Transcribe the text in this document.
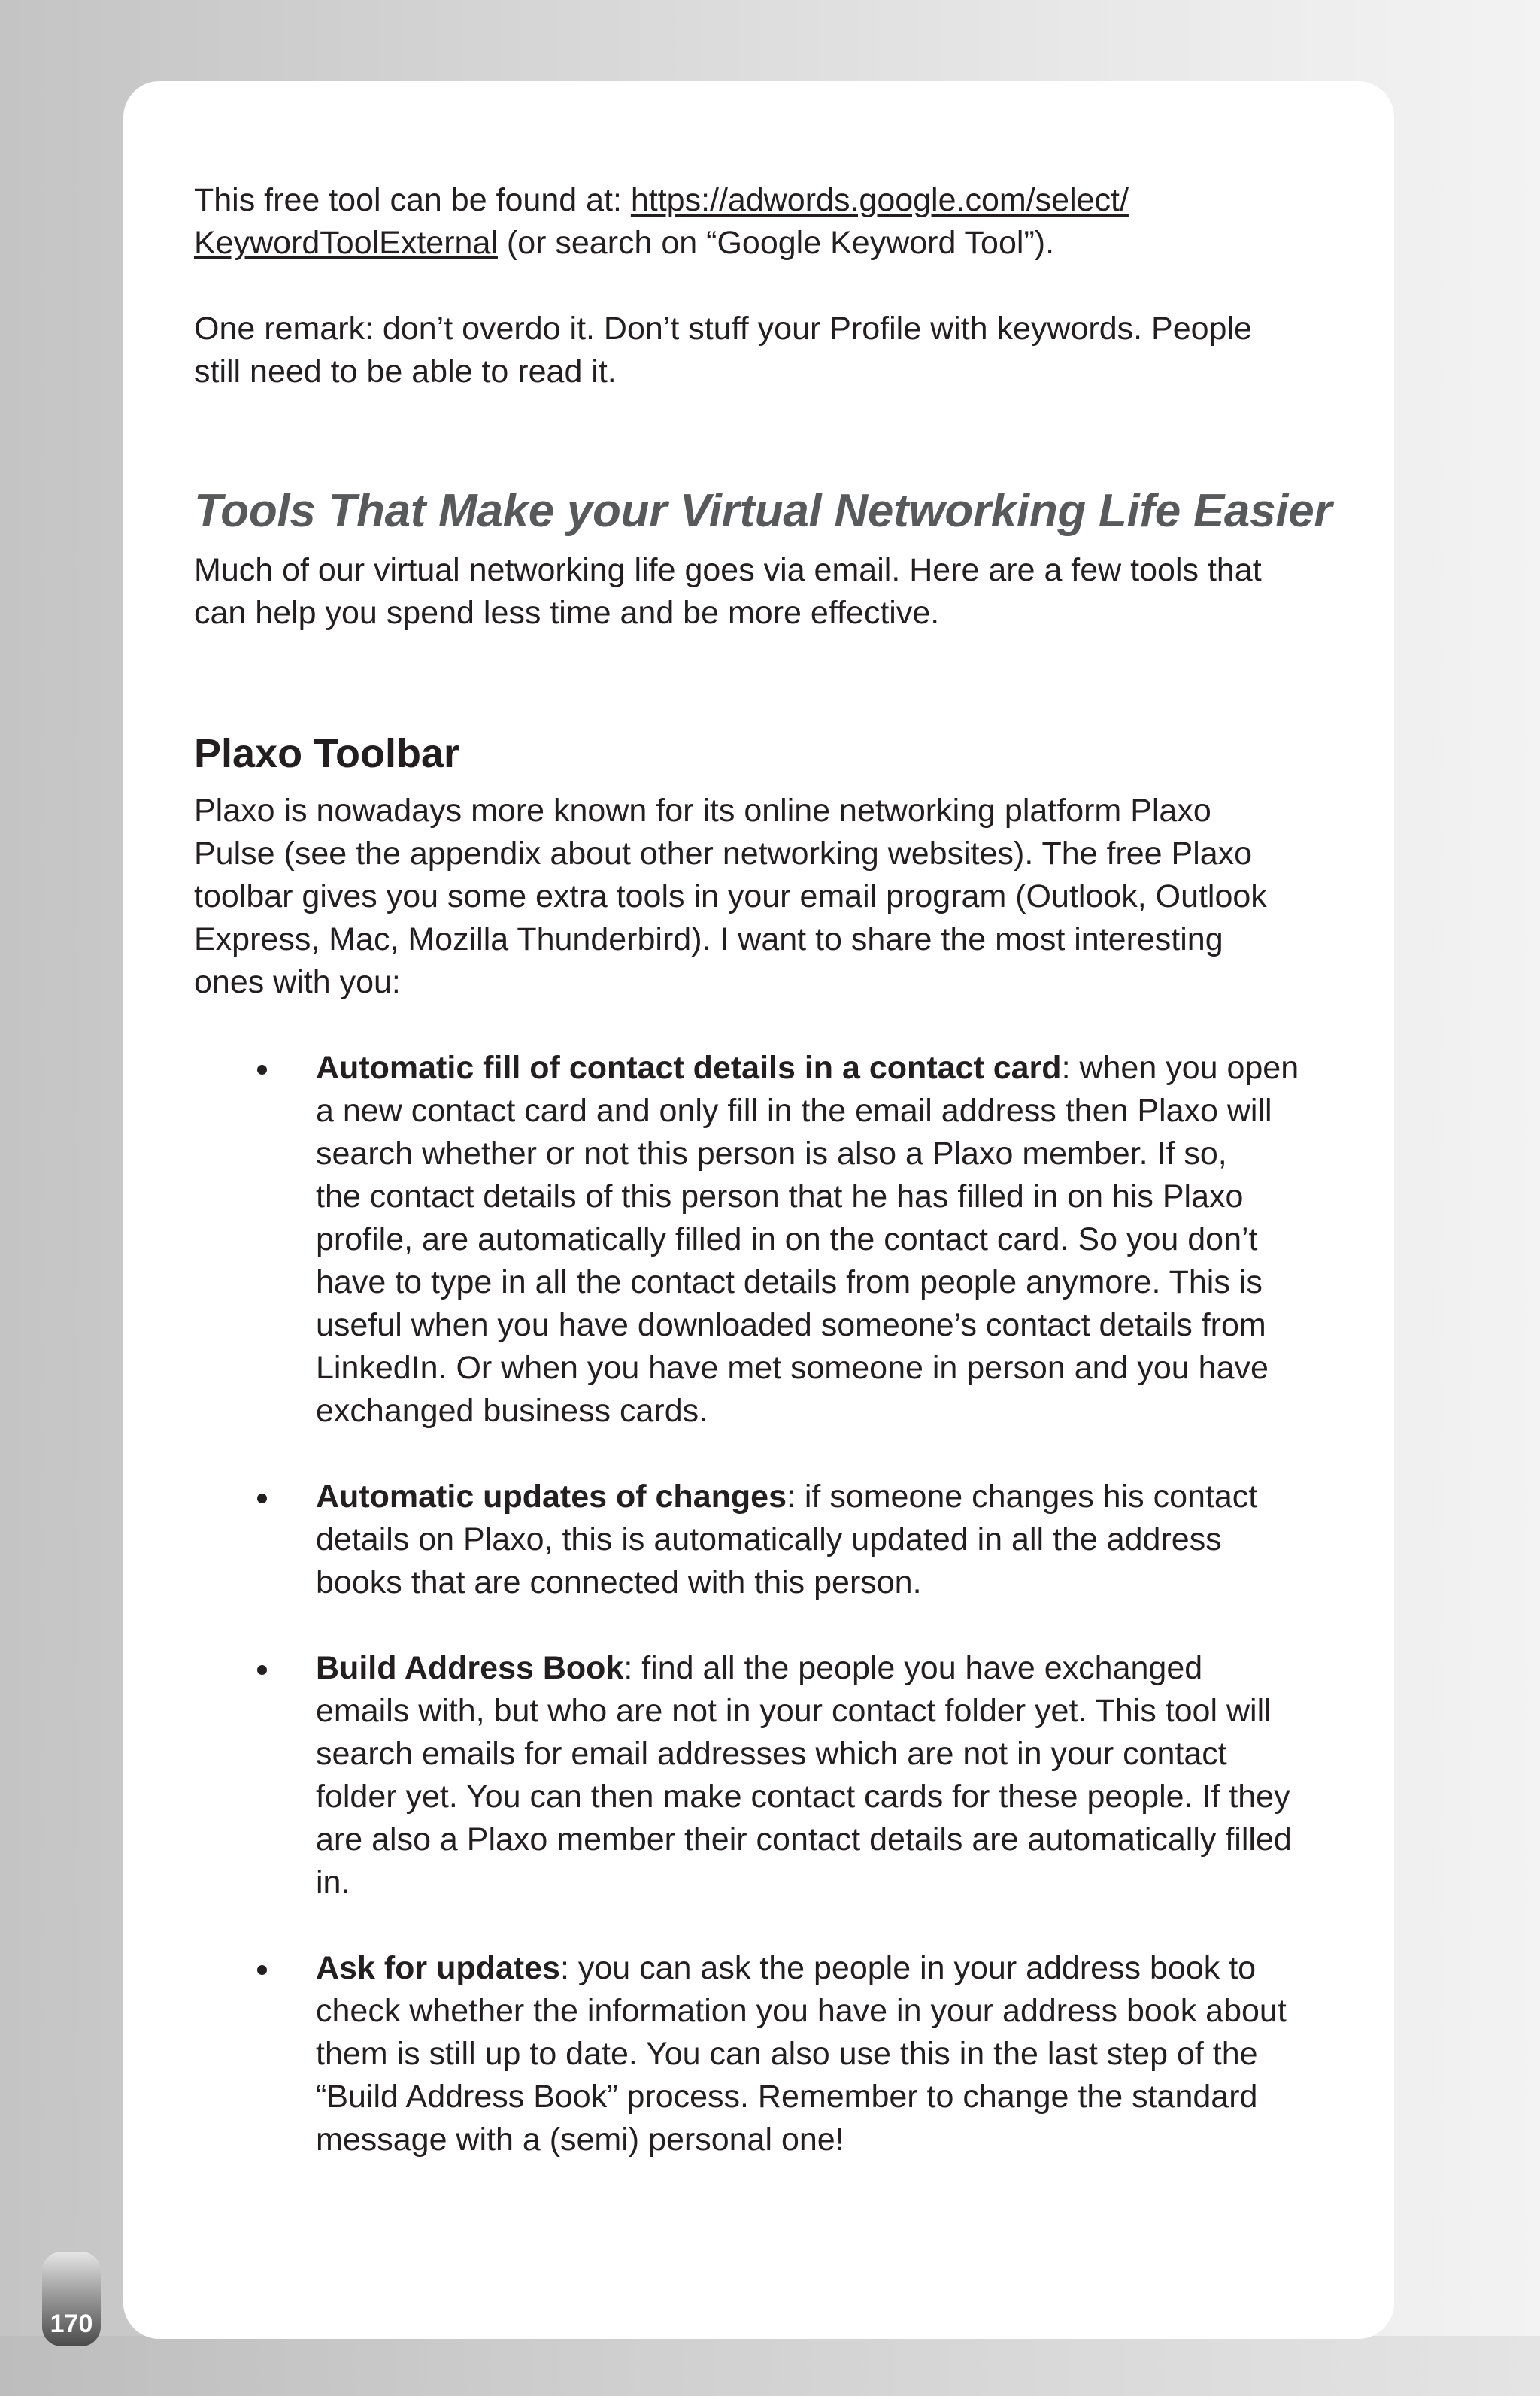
This free tool can be found at: https://adwords.google.com/select/
KeywordToolExternal (or search on “Google Keyword Tool”).

One remark: don’t overdo it. Don’t stuff your Profile with keywords. People
still need to be able to read it.

Tools That Make your Virtual Networking Life Easier

Much of our virtual networking life goes via email. Here are a few tools that
can help you spend less time and be more effective.

Plaxo Toolbar

Plaxo is nowadays more known for its online networking platform Plaxo
Pulse (see the appendix about other networking websites). The free Plaxo
toolbar gives you some extra tools in your email program (Outlook, Outlook
Express, Mac, Mozilla Thunderbird). I want to share the most interesting
ones with you:

Automatic fill of contact details in a contact card: when you open
a new contact card and only fill in the email address then Plaxo will
search whether or not this person is also a Plaxo member. If so,
the contact details of this person that he has filled in on his Plaxo
profile, are automatically filled in on the contact card. So you don’t
have to type in all the contact details from people anymore. This is
useful when you have downloaded someone’s contact details from
LinkedIn. Or when you have met someone in person and you have
exchanged business cards.
Automatic updates of changes: if someone changes his contact
details on Plaxo, this is automatically updated in all the address
books that are connected with this person.
Build Address Book: find all the people you have exchanged
emails with, but who are not in your contact folder yet. This tool will
search emails for email addresses which are not in your contact
folder yet. You can then make contact cards for these people. If they
are also a Plaxo member their contact details are automatically filled
in.
Ask for updates: you can ask the people in your address book to
check whether the information you have in your address book about
them is still up to date. You can also use this in the last step of the
“Build Address Book” process. Remember to change the standard
message with a (semi) personal one!
170
